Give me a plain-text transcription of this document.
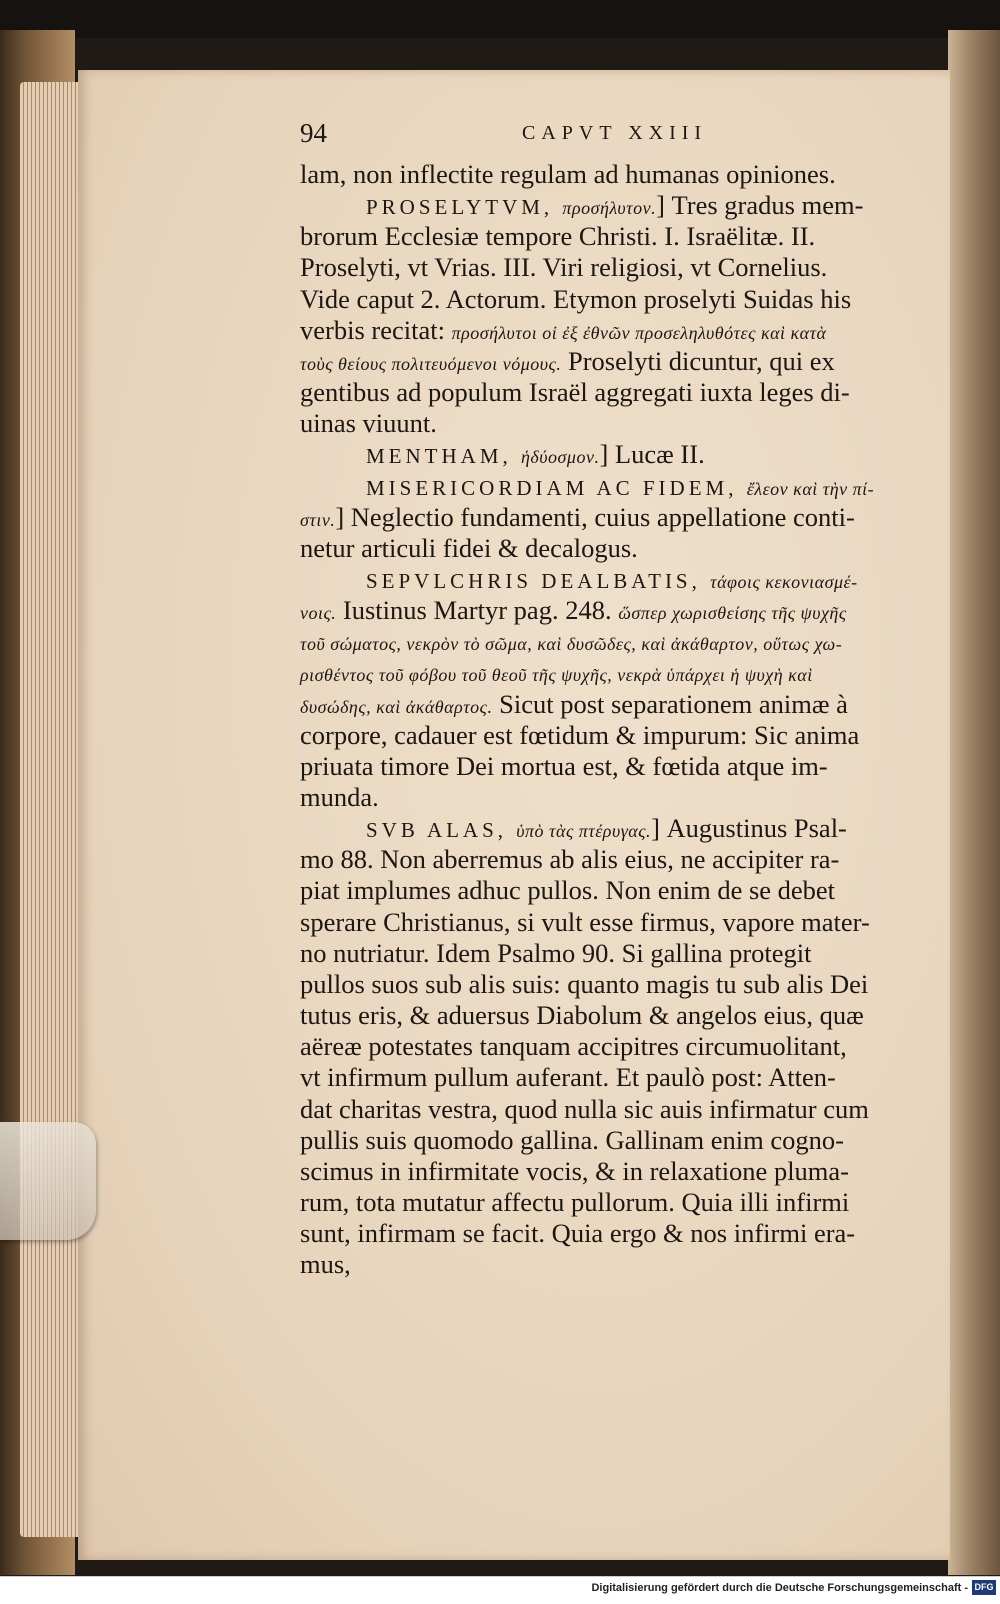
94	CAPVT XXIII
lam, non inflectite regulam ad humanas opiniones.
PROSELYTVM, προσήλυτον.] Tres gradus mem-
brorum Ecclesiæ tempore Christi. I. Israëlitæ. II.
Proselyti, vt Vrias. III. Viri religiosi, vt Cornelius.
Vide caput 2. Actorum. Etymon proselyti Suidas his
verbis recitat: προσήλυτοι οἱ ἐξ ἐθνῶν προσεληλυθότες καὶ κατὰ
τοὺς θείους πολιτευόμενοι νόμους. Proselyti dicuntur, qui ex
gentibus ad populum Israël aggregati iuxta leges di-
uinas viuunt.
MENTHAM, ἡδύοσμον.] Lucæ II.
MISERICORDIAM AC FIDEM, ἔλεον καὶ τὴν πί-
στιν.] Neglectio fundamenti, cuius appellatione conti-
netur articuli fidei & decalogus.
SEPVLCHRIS DEALBATIS, τάφοις κεκονιασμέ-
νοις. Iustinus Martyr pag. 248. ὥσπερ χωρισθείσης τῆς ψυχῆς
τοῦ σώματος, νεκρὸν τὸ σῶμα, καὶ δυσῶδες, καὶ ἀκάθαρτον, οὕτως χω-
ρισθέντος τοῦ φόβου τοῦ θεοῦ τῆς ψυχῆς, νεκρὰ ὑπάρχει ἡ ψυχὴ καὶ
δυσώδης, καὶ ἀκάθαρτος. Sicut post separationem animæ à
corpore, cadauer est fœtidum & impurum: Sic anima
priuata timore Dei mortua est, & fœtida atque im-
munda.
SVB ALAS, ὑπὸ τὰς πτέρυγας.] Augustinus Psal-
mo 88. Non aberremus ab alis eius, ne accipiter ra-
piat implumes adhuc pullos. Non enim de se debet
sperare Christianus, si vult esse firmus, vapore mater-
no nutriatur. Idem Psalmo 90. Si gallina protegit
pullos suos sub alis suis: quanto magis tu sub alis Dei
tutus eris, & aduersus Diabolum & angelos eius, quæ
aëreæ potestates tanquam accipitres circumuolitant,
vt infirmum pullum auferant. Et paulò post: Atten-
dat charitas vestra, quod nulla sic auis infirmatur cum
pullis suis quomodo gallina. Gallinam enim cogno-
scimus in infirmitate vocis, & in relaxatione pluma-
rum, tota mutatur affectu pullorum. Quia illi infirmi
sunt, infirmam se facit. Quia ergo & nos infirmi era-
mus,
Digitalisierung gefördert durch die Deutsche Forschungsgemeinschaft - DFG
